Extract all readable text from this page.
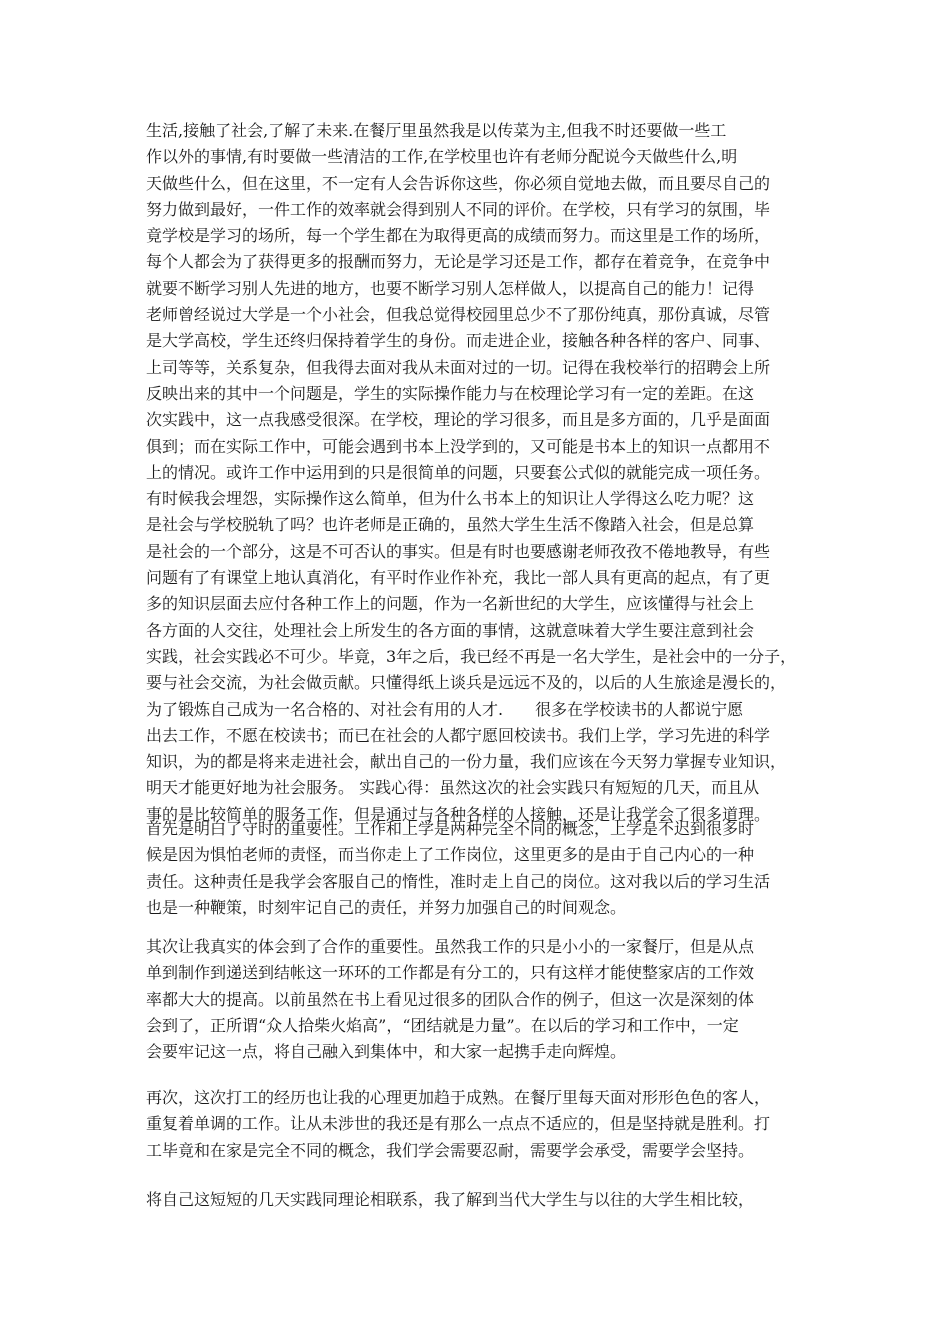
生活,接触了社会,了解了未来.在餐厅里虽然我是以传菜为主,但我不时还要做一些工
作以外的事情,有时要做一些清洁的工作,在学校里也许有老师分配说今天做些什么,明
天做些什么，但在这里，不一定有人会告诉你这些，你必须自觉地去做，而且要尽自己的
努力做到最好，一件工作的效率就会得到别人不同的评价。在学校，只有学习的氛围，毕
竟学校是学习的场所，每一个学生都在为取得更高的成绩而努力。而这里是工作的场所，
每个人都会为了获得更多的报酬而努力，无论是学习还是工作，都存在着竞争，在竞争中
就要不断学习别人先进的地方，也要不断学习别人怎样做人，以提高自己的能力！记得
老师曾经说过大学是一个小社会，但我总觉得校园里总少不了那份纯真，那份真诚，尽管
是大学高校，学生还终归保持着学生的身份。而走进企业，接触各种各样的客户、同事、
上司等等，关系复杂，但我得去面对我从未面对过的一切。记得在我校举行的招聘会上所
反映出来的其中一个问题是，学生的实际操作能力与在校理论学习有一定的差距。在这
次实践中，这一点我感受很深。在学校，理论的学习很多，而且是多方面的，几乎是面面
俱到；而在实际工作中，可能会遇到书本上没学到的，又可能是书本上的知识一点都用不
上的情况。或许工作中运用到的只是很简单的问题，只要套公式似的就能完成一项任务。
有时候我会埋怨，实际操作这么简单，但为什么书本上的知识让人学得这么吃力呢？这
是社会与学校脱轨了吗？也许老师是正确的，虽然大学生生活不像踏入社会，但是总算
是社会的一个部分，这是不可否认的事实。但是有时也要感谢老师孜孜不倦地教导，有些
问题有了有课堂上地认真消化，有平时作业作补充，我比一部人具有更高的起点，有了更
多的知识层面去应付各种工作上的问题，作为一名新世纪的大学生，应该懂得与社会上
各方面的人交往，处理社会上所发生的各方面的事情，这就意味着大学生要注意到社会
实践，社会实践必不可少。毕竟，3年之后，我已经不再是一名大学生，是社会中的一分子，
要与社会交流，为社会做贡献。只懂得纸上谈兵是远远不及的，以后的人生旅途是漫长的，
为了锻炼自己成为一名合格的、对社会有用的人才.　　很多在学校读书的人都说宁愿
出去工作，不愿在校读书；而已在社会的人都宁愿回校读书。我们上学，学习先进的科学
知识，为的都是将来走进社会，献出自己的一份力量，我们应该在今天努力掌握专业知识，
明天才能更好地为社会服务。 实践心得：虽然这次的社会实践只有短短的几天，而且从
事的是比较简单的服务工作，但是通过与各种各样的人接触，还是让我学会了很多道理。
首先是明白了守时的重要性。工作和上学是两种完全不同的概念，上学是不迟到很多时
候是因为惧怕老师的责怪，而当你走上了工作岗位，这里更多的是由于自己内心的一种
责任。这种责任是我学会客服自己的惰性，准时走上自己的岗位。这对我以后的学习生活
也是一种鞭策，时刻牢记自己的责任，并努力加强自己的时间观念。
其次让我真实的体会到了合作的重要性。虽然我工作的只是小小的一家餐厅，但是从点
单到制作到递送到结帐这一环环的工作都是有分工的，只有这样才能使整家店的工作效
率都大大的提高。以前虽然在书上看见过很多的团队合作的例子，但这一次是深刻的体
会到了，正所谓“众人拾柴火焰高”，“团结就是力量”。在以后的学习和工作中，一定
会要牢记这一点，将自己融入到集体中，和大家一起携手走向辉煌。
再次，这次打工的经历也让我的心理更加趋于成熟。在餐厅里每天面对形形色色的客人，
重复着单调的工作。让从未涉世的我还是有那么一点点不适应的，但是坚持就是胜利。打
工毕竟和在家是完全不同的概念，我们学会需要忍耐，需要学会承受，需要学会坚持。
将自己这短短的几天实践同理论相联系，我了解到当代大学生与以往的大学生相比较，
